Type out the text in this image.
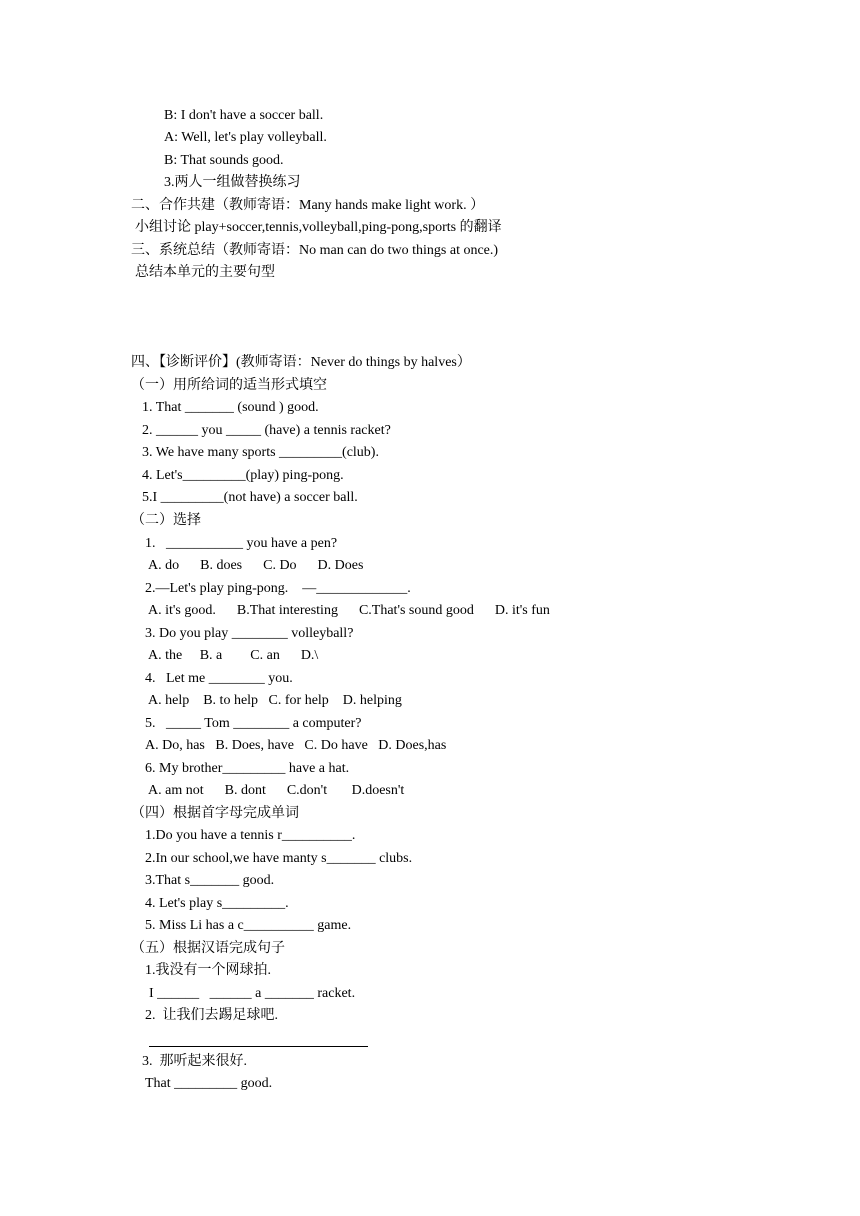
B: I don't have a soccer ball.
A: Well, let's play volleyball.
B: That sounds good.
3.两人一组做替换练习
二、合作共建（教师寄语：Many hands make light work. ）
小组讨论 play+soccer,tennis,volleyball,ping-pong,sports 的翻译
三、系统总结（教师寄语：No man can do two things at once.)
总结本单元的主要句型
四、【诊断评价】(教师寄语：Never do things by halves）
（一）用所给词的适当形式填空
1. That _______ (sound ) good.
2. ______ you _____ (have) a tennis racket?
3. We have many sports _________(club).
4. Let's_________(play) ping-pong.
5.I _________(not have) a soccer ball.
（二）选择
1.   ___________ you have a pen?
A. do      B. does      C. Do      D. Does
2.—Let's play ping-pong.    —_____________.
A. it's good.      B.That interesting      C.That's sound good      D. it's fun
3. Do you play ________ volleyball?
A. the     B. a        C. an      D.\
4.   Let me ________ you.
A. help    B. to help   C. for help    D. helping
5.   _____ Tom ________ a computer?
A. Do, has   B. Does, have   C. Do have   D. Does,has
6. My brother_________ have a hat.
A. am not      B. dont      C.don't       D.doesn't
（四）根据首字母完成单词
1.Do you have a tennis r__________.
2.In our school,we have manty s_______ clubs.
3.That s_______ good.
4. Let's play s_________.
5. Miss Li has a c__________ game.
（五）根据汉语完成句子
1.我没有一个网球拍.
I ______   ______ a _______ racket.
2.  让我们去踢足球吧.
3.  那听起来很好.
That _________ good.
